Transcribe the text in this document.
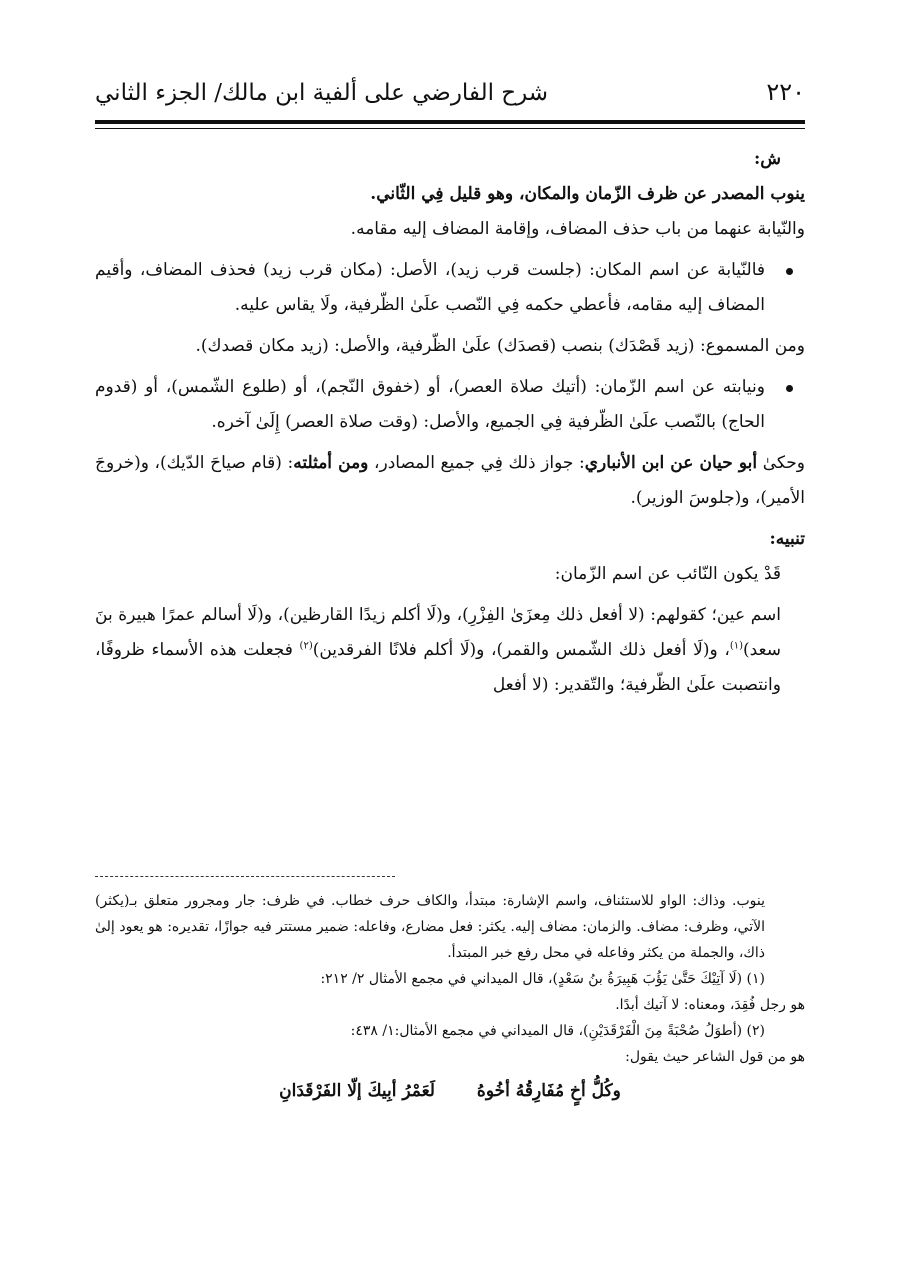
٢٢٠
شرح الفارضي على ألفية ابن مالك/ الجزء الثاني

ش:

ينوب المصدر عن ظرف الزّمان والمكان، وهو قليل فِي الثّاني.

والنّيابة عنهما من باب حذف المضاف، وإقامة المضاف إليه مقامه.

فالنّيابة عن اسم المكان: (جلست قرب زيد)، الأصل: (مكان قرب زيد) فحذف المضاف، وأقيم المضاف إليه مقامه، فأعطي حكمه فِي النّصب علَىٰ الظّرفية، ولَا يقاس عليه.

ومن المسموع: (زيد قَصْدَك) بنصب (قصدَك) علَىٰ الظّرفية، والأصل: (زيد مكان قصدك).

ونيابته عن اسم الزّمان: (أتيك صلاة العصر)، أو (خفوق النّجم)، أو (طلوع الشّمس)، أو (قدوم الحاج) بالنّصب علَىٰ الظّرفية فِي الجميع، والأصل: (وقت صلاة العصر) إِلَىٰ آخره.

وحكىٰ أبو حيان عن ابن الأنباري: جواز ذلك فِي جميع المصادر، ومن أمثلته: (قام صياحَ الدّيك)، و(خروجَ الأمير)، و(جلوسَ الوزير).

تنبيه:

قَدْ يكون النّائب عن اسم الزّمان:

اسم عين؛ كقولهم: (لا أفعل ذلك مِعزَىٰ الفِزْرِ)، و(لَا أكلم زيدًا القارظين)، و(لَا أسالم عمرًا هبيرة بنَ سعد)$^{(١)}$، و(لَا أفعل ذلك الشّمس والقمر)، و(لَا أكلم فلانًا الفرقدين)$^{(٢)}$ فجعلت هذه الأسماء ظروفًا، وانتصبت علَىٰ الظّرفية؛ والتّقدير: (لا أفعل

ينوب. وذاك: الواو للاستئناف، واسم الإشارة: مبتدأ، والكاف حرف خطاب. في ظرف: جار ومجرور متعلق بـ(يكثر) الآتي، وظرف: مضاف. والزمان: مضاف إليه. يكثر: فعل مضارع، وفاعله: ضمير مستتر فيه جوازًا، تقديره: هو يعود إلىٰ ذاك، والجملة من يكثر وفاعله في محل رفع خبر المبتدأ.

(١) (لَا آتِيْكَ حَتَّىٰ يَؤُبَ هَبِيرَةُ بنُ سَعْدٍ)، قال الميداني في مجمع الأمثال ٢/ ٢١٢:

هو رجل فُقِدَ، ومعناه: لا آتيك أبدًا.

(٢) (أطوَلُ صُحْبَةً مِنَ الْفَرْقَدَيْنِ)، قال الميداني في مجمع الأمثال:١/ ٤٣٨:

هو من قول الشاعر حيث يقول:

وكُلُّ أخٍ مُفَارِقُهُ أخُوهُ لَعَمْرُ أبِيكَ إلّا الفَرْقَدَانِ
